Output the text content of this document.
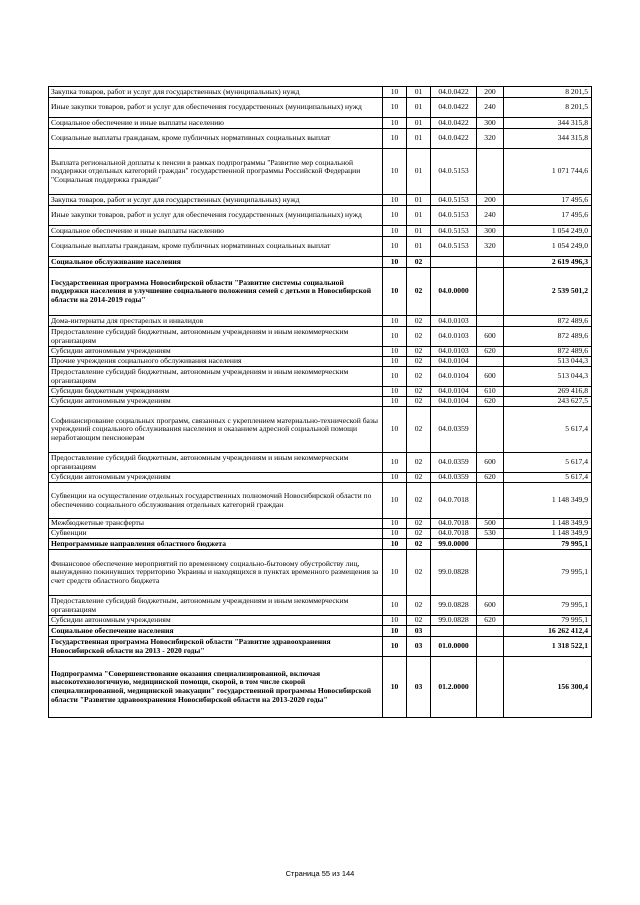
Закупка товаров, работ и услуг для государственных (муниципальных) нужд	10	01	04.0.0422	200	8 201,5
Иные закупки товаров, работ и услуг для обеспечения государственных (муниципальных) нужд	10	01	04.0.0422	240	8 201,5
Социальное обеспечение и иные выплаты населению	10	01	04.0.0422	300	344 315,8
Социальные выплаты гражданам, кроме публичных нормативных социальных выплат	10	01	04.0.0422	320	344 315,8
Выплата региональной доплаты к пенсии в рамках подпрограммы "Развитие мер социальной поддержки отдельных категорий граждан" государственной программы Российской Федерации "Социальная поддержка граждан"	10	01	04.0.5153		1 071 744,6
Закупка товаров, работ и услуг для государственных (муниципальных) нужд	10	01	04.0.5153	200	17 495,6
Иные закупки товаров, работ и услуг для обеспечения государственных (муниципальных) нужд	10	01	04.0.5153	240	17 495,6
Социальное обеспечение и иные выплаты населению	10	01	04.0.5153	300	1 054 249,0
Социальные выплаты гражданам, кроме публичных нормативных социальных выплат	10	01	04.0.5153	320	1 054 249,0
Социальное обслуживание населения	10	02			2 619 496,3
Государственная программа Новосибирской области "Развитие системы социальной поддержки населения и улучшение социального положения семей с детьми в Новосибирской области на 2014-2019 годы"	10	02	04.0.0000		2 539 501,2
Дома-интернаты для престарелых и инвалидов	10	02	04.0.0103		872 489,6
Предоставление субсидий бюджетным, автономным учреждениям и иным некоммерческим организациям	10	02	04.0.0103	600	872 489,6
Субсидии автономным учреждениям	10	02	04.0.0103	620	872 489,6
Прочие учреждения социального обслуживания населения	10	02	04.0.0104		513 044,3
Предоставление субсидий бюджетным, автономным учреждениям и иным некоммерческим организациям	10	02	04.0.0104	600	513 044,3
Субсидии бюджетным учреждениям	10	02	04.0.0104	610	269 416,8
Субсидии автономным учреждениям	10	02	04.0.0104	620	243 627,5
Софинансирование социальных программ, связанных с укреплением материально-технической базы учреждений социального обслуживания населения и оказанием адресной социальной помощи неработающим пенсионерам	10	02	04.0.0359		5 617,4
Предоставление субсидий бюджетным, автономным учреждениям и иным некоммерческим организациям	10	02	04.0.0359	600	5 617,4
Субсидии автономным учреждениям	10	02	04.0.0359	620	5 617,4
Субвенции на осуществление отдельных государственных полномочий Новосибирской области по обеспечению социального обслуживания отдельных категорий граждан	10	02	04.0.7018		1 148 349,9
Межбюджетные трансферты	10	02	04.0.7018	500	1 148 349,9
Субвенции	10	02	04.0.7018	530	1 148 349,9
Непрограммные направления областного бюджета	10	02	99.0.0000		79 995,1
Финансовое обеспечение мероприятий по временному социально-бытовому обустройству лиц, вынужденно покинувших территорию Украины и находящихся в пунктах временного размещения за счет средств областного бюджета	10	02	99.0.0828		79 995,1
Предоставление субсидий бюджетным, автономным учреждениям и иным некоммерческим организациям	10	02	99.0.0828	600	79 995,1
Субсидии автономным учреждениям	10	02	99.0.0828	620	79 995,1
Социальное обеспечение населения	10	03			16 262 412,4
Государственная программа Новосибирской области "Развитие здравоохранения Новосибирской области на 2013 - 2020 годы"	10	03	01.0.0000		1 318 522,1
Подпрограмма "Совершенствование оказания специализированной, включая высокотехнологичную, медицинской помощи, скорой, в том числе скорой специализированной, медицинской эвакуации" государственной программы Новосибирской области "Развитие здравоохранения Новосибирской области на 2013-2020 годы"	10	03	01.2.0000		156 300,4
Страница 55 из 144
